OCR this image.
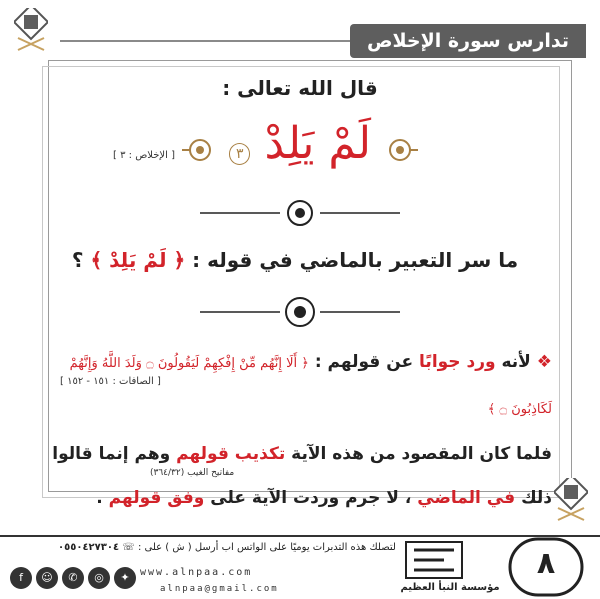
تدارس سورة الإخلاص
قال الله تعالى :
لَمْ يَلِدْ ٣
[ الإخلاص : ٣ ]
ما سر التعبير بالماضي في قوله : ﴿ لَمْ يَلِدْ ﴾ ؟
❖ لأنه ورد جوابًا عن قولهم : ﴿ أَلَا إِنَّهُم مِّنْ إِفْكِهِمْ لَيَقُولُونَ ۝ وَلَدَ اللَّهُ وَإِنَّهُمْ لَكَاذِبُونَ ۝ ﴾
فلما كان المقصود من هذه الآية تكذيب قولهم وهم إنما قالوا ذلك في الماضي ، لا جرم وردت الآية على وفق قولهم .
[ الصافات : ١٥١ - ١٥٢ ]
مفاتيح الغيب (٣٦٤/٣٢)
لتصلك هذه التدبرات يوميًا على الواتس اب أرسل ( ش ) على : ☏ ٠٥٥٠٤٢٧٣٠٤
f	☺	✆	◎	✦	www.alnpaa.com
alnpaa@gmail.com	مؤسسة النبأ العظيم
٨
